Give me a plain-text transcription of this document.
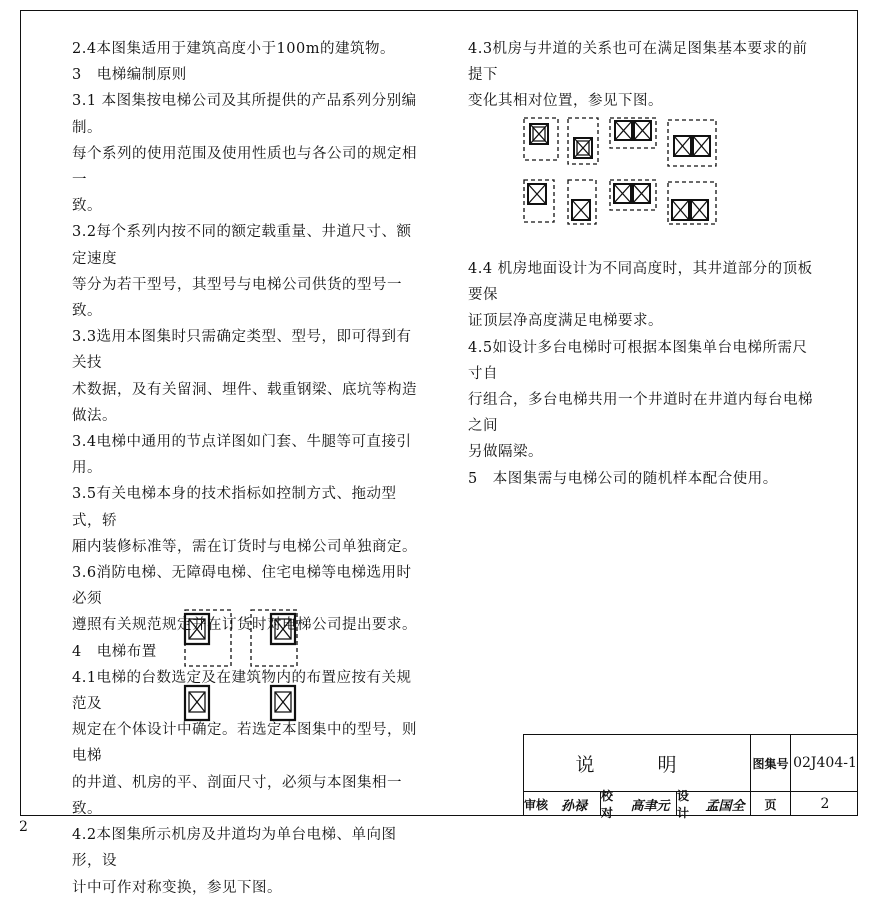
2.4本图集适用于建筑高度小于100m的建筑物。

3　电梯编制原则

3.1 本图集按电梯公司及其所提供的产品系列分别编制。

每个系列的使用范围及使用性质也与各公司的规定相一

致。

3.2每个系列内按不同的额定载重量、井道尺寸、额定速度

等分为若干型号，其型号与电梯公司供货的型号一致。

3.3选用本图集时只需确定类型、型号，即可得到有关技

术数据，及有关留洞、埋件、载重钢梁、底坑等构造做法。

3.4电梯中通用的节点详图如门套、牛腿等可直接引用。

3.5有关电梯本身的技术指标如控制方式、拖动型式，轿

厢内装修标准等，需在订货时与电梯公司单独商定。

3.6消防电梯、无障碍电梯、住宅电梯等电梯选用时必须

遵照有关规范规定并在订货时对电梯公司提出要求。

4　电梯布置

4.1电梯的台数选定及在建筑物内的布置应按有关规范及

规定在个体设计中确定。若选定本图集中的型号，则电梯

的井道、机房的平、剖面尺寸，必须与本图集相一致。

4.2本图集所示机房及井道均为单台电梯、单向图形，设

计中可作对称变换，参见下图。

4.3机房与井道的关系也可在满足图集基本要求的前提下

变化其相对位置，参见下图。

4.4 机房地面设计为不同高度时，其井道部分的顶板要保

证顶层净高度满足电梯要求。

4.5如设计多台电梯时可根据本图集单台电梯所需尺寸自

行组合，多台电梯共用一个井道时在井道内每台电梯之间

另做隔梁。

5　本图集需与电梯公司的随机样本配合使用。

说　明	图集号 02J404-1
审核 孙禄
校对	高聿元
设计	孟国全 页	2
2
